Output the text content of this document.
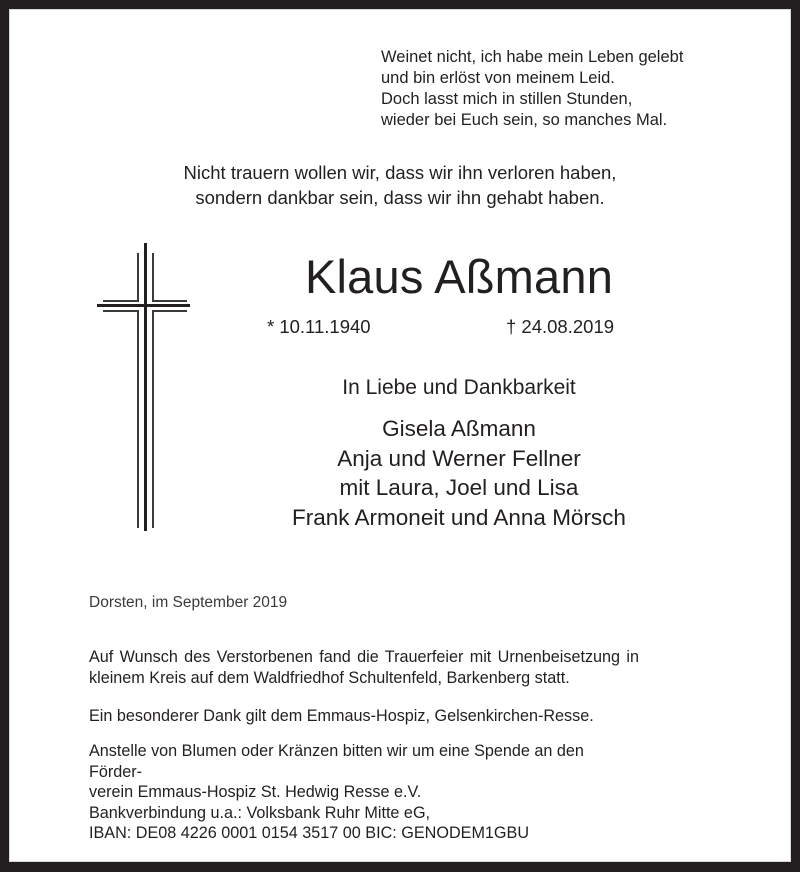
Weinet nicht, ich habe mein Leben gelebt
und bin erlöst von meinem Leid.
Doch lasst mich in stillen Stunden,
wieder bei Euch sein, so manches Mal.
Nicht trauern wollen wir, dass wir ihn verloren haben,
sondern dankbar sein, dass wir ihn gehabt haben.
Klaus Aßmann
* 10.11.1940	† 24.08.2019
In Liebe und Dankbarkeit
Gisela Aßmann
Anja und Werner Fellner
mit Laura, Joel und Lisa
Frank Armoneit und Anna Mörsch
Dorsten, im September 2019
Auf Wunsch des Verstorbenen fand die Trauerfeier mit Urnenbeisetzung in
kleinem Kreis auf dem Waldfriedhof Schultenfeld, Barkenberg statt.
Ein besonderer Dank gilt dem Emmaus-Hospiz, Gelsenkirchen-Resse.
Anstelle von Blumen oder Kränzen bitten wir um eine Spende an den Förder-
verein Emmaus-Hospiz St. Hedwig Resse e.V.
Bankverbindung u.a.: Volksbank Ruhr Mitte eG,
IBAN: DE08 4226 0001 0154 3517 00 BIC: GENODEM1GBU
